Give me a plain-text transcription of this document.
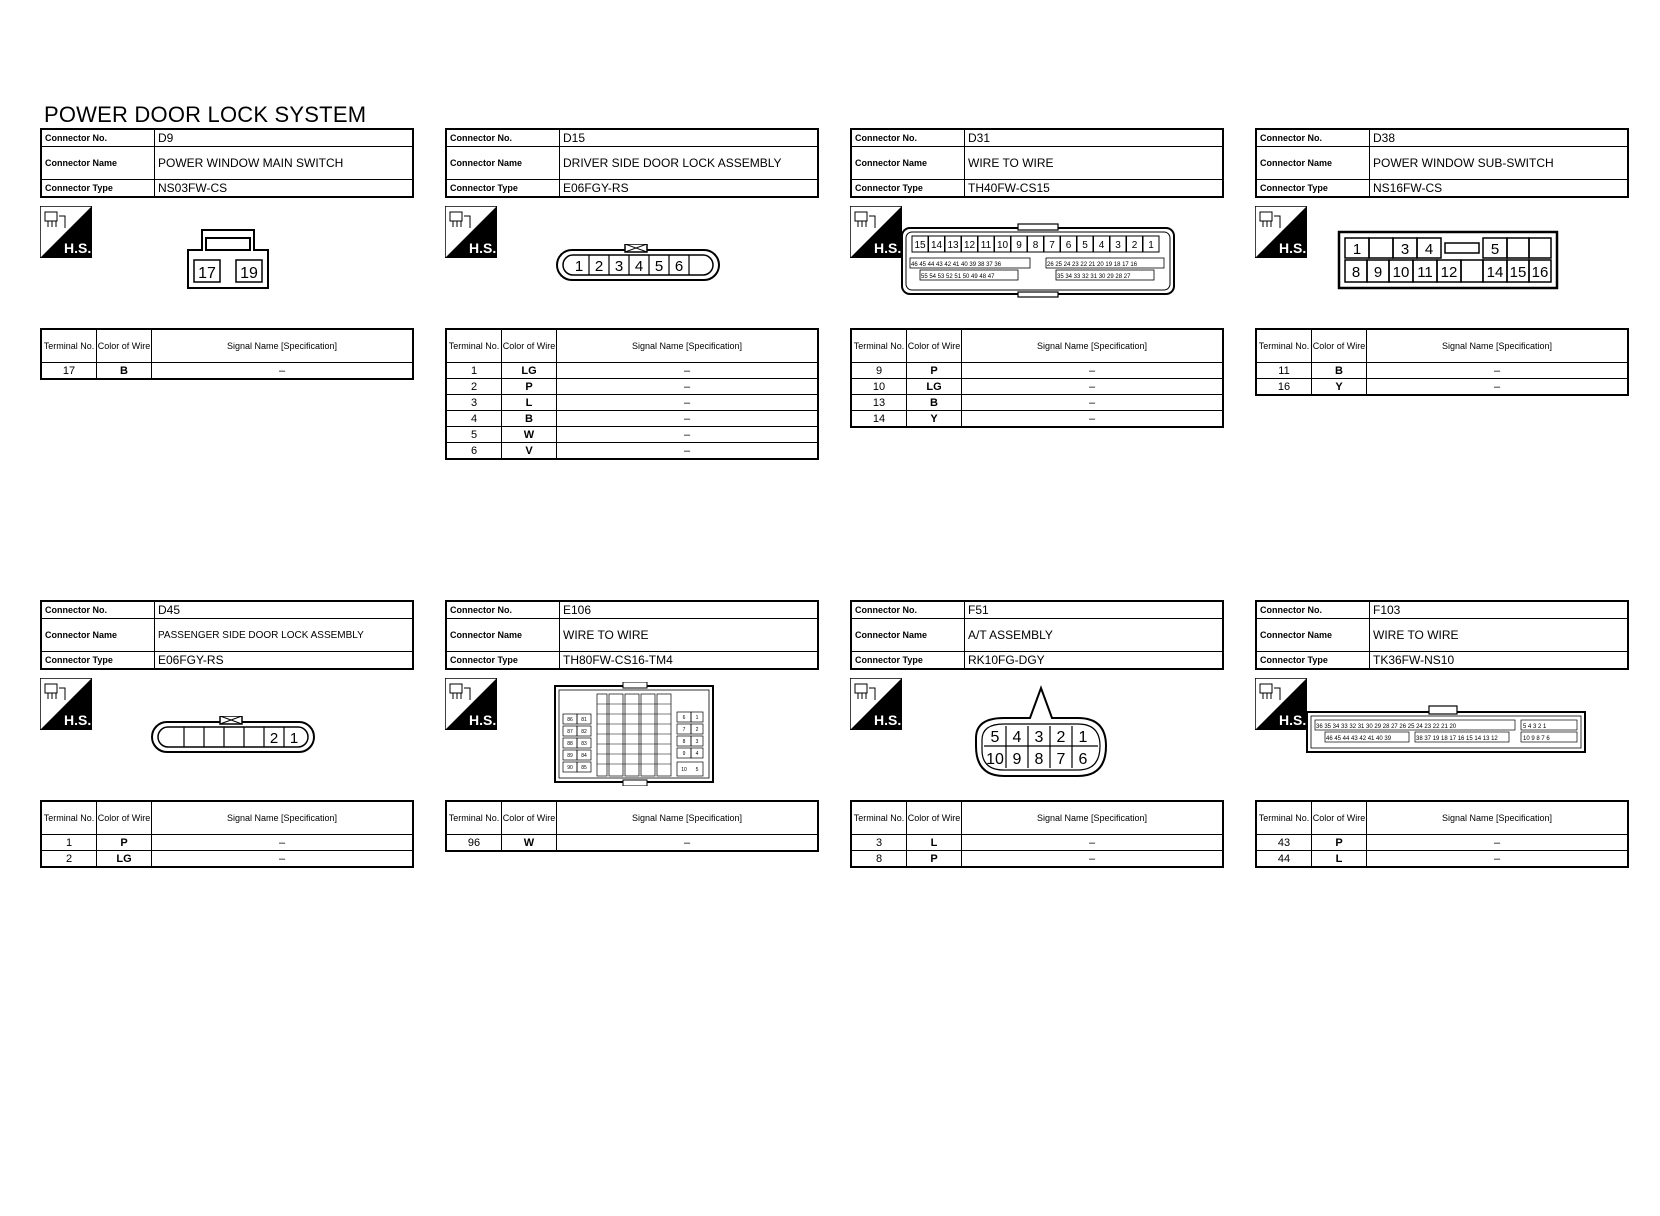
POWER DOOR LOCK SYSTEM
Connector No.	D9
Connector Name	POWER WINDOW MAIN SWITCH
Connector Type	NS03FW-CS
H.S.
17 19
Terminal No.	Color of Wire	Signal Name [Specification]
17	B	–
Connector No.	D15
Connector Name	DRIVER SIDE DOOR LOCK ASSEMBLY
Connector Type	E06FGY-RS
H.S.
1 2 3 4 5 6
Terminal No.	Color of Wire	Signal Name [Specification]
1	LG	–
2	P	–
3	L	–
4	B	–
5	W	–
6	V	–
Connector No.	D31
Connector Name	WIRE TO WIRE
Connector Type	TH40FW-CS15
H.S. 15 14 13 12 11 10 9 8 7 6 5 4 3 2 1
46 45 44 43 42 41 40 39 38 37 36
55 54 53 52 51 50 49 48 47
26 25 24 23 22 21 20 19 18 17 16
35 34 33 32 31 30 29 28 27
Terminal No.	Color of Wire	Signal Name [Specification]
9	P	–
10	LG	–
13	B	–
14	Y	–
Connector No.	D38
Connector Name	POWER WINDOW SUB-SWITCH
Connector Type	NS16FW-CS
H.S.	1	3 4	5
8 9 10 11 12 14 15 16
Terminal No.	Color of Wire	Signal Name [Specification]
11	B	–
16	Y	–
Connector No.	D45
Connector Name	PASSENGER SIDE DOOR LOCK ASSEMBLY
Connector Type	E06FGY-RS
H.S.
2 1
Terminal No.	Color of Wire	Signal Name [Specification]
1	P	–
2	LG	–
Connector No.	E106
Connector Name	WIRE TO WIRE
Connector Type	TH80FW-CS16-TM4
H.S.	86 81
87 82
88 83
89 84
90 85
6 1
7 2
8 3
9 4
10 5
Terminal No.	Color of Wire	Signal Name [Specification]
96	W	–
Connector No.	F51
Connector Name	A/T ASSEMBLY
Connector Type	RK10FG-DGY
H.S.
5 4 3 2 1
10 9 8 7 6
Terminal No.	Color of Wire	Signal Name [Specification]
3	L	–
8	P	–
Connector No.	F103
Connector Name	WIRE TO WIRE
Connector Type	TK36FW-NS10
H.S. 36 35 34 33 32 31 30 29 28 27 26 25 24 23 22 21 20
46 45 44 43 42 41 40 39	38 37 19 18 17 16 15 14 13 12
5 4 3 2 1
10 9 8 7 6
Terminal No.	Color of Wire	Signal Name [Specification]
43	P	–
44	L	–
